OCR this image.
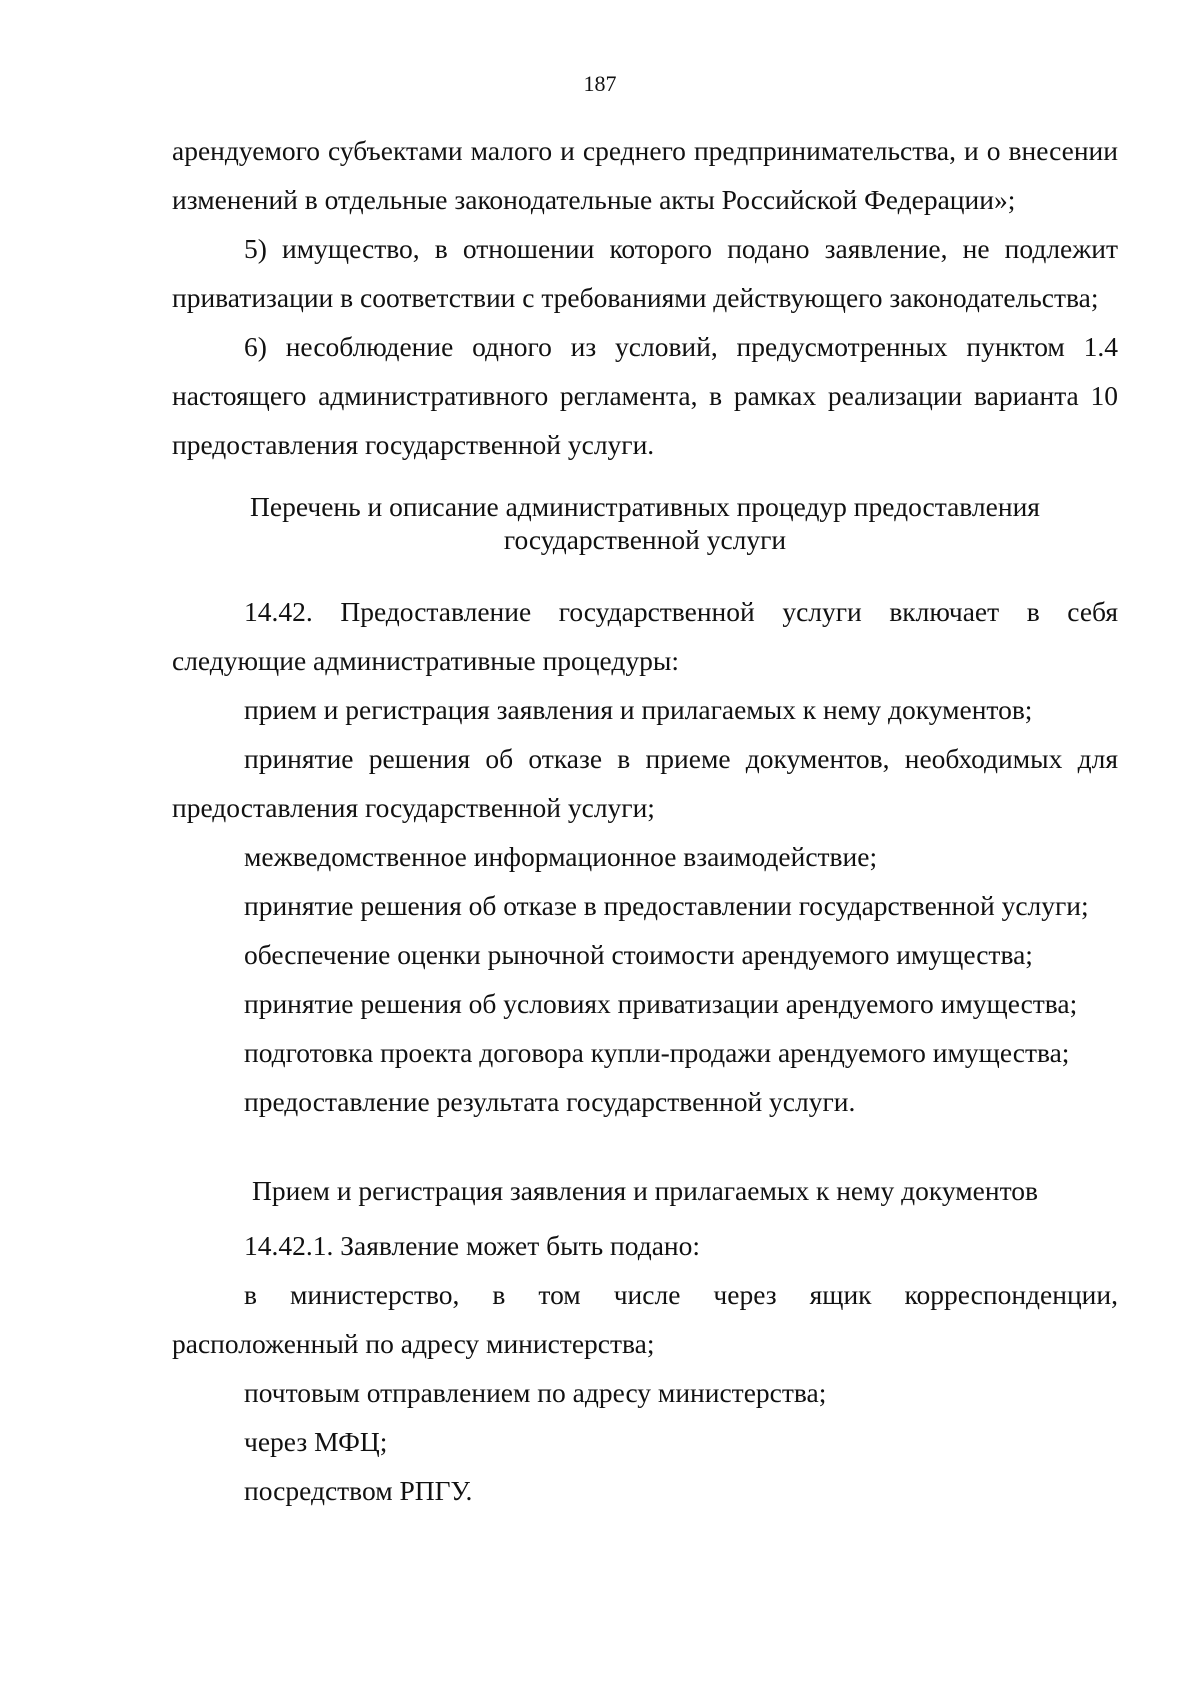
187

арендуемого субъектами малого и среднего предпринимательства, и о внесении изменений в отдельные законодательные акты Российской Федерации»;

5) имущество, в отношении которого подано заявление, не подлежит приватизации в соответствии с требованиями действующего законодательства;

6) несоблюдение одного из условий, предусмотренных пунктом 1.4 настоящего административного регламента, в рамках реализации варианта 10 предоставления государственной услуги.

Перечень и описание административных процедур предоставления
государственной услуги

14.42. Предоставление государственной услуги включает в себя следующие административные процедуры:

прием и регистрация заявления и прилагаемых к нему документов;

принятие решения об отказе в приеме документов, необходимых для предоставления государственной услуги;

межведомственное информационное взаимодействие;

принятие решения об отказе в предоставлении государственной услуги;

обеспечение оценки рыночной стоимости арендуемого имущества;

принятие решения об условиях приватизации арендуемого имущества;

подготовка проекта договора купли-продажи арендуемого имущества;

предоставление результата государственной услуги.

Прием и регистрация заявления и прилагаемых к нему документов

14.42.1. Заявление может быть подано:

в министерство, в том числе через ящик корреспонденции, расположенный по адресу министерства;

почтовым отправлением по адресу министерства;

через МФЦ;

посредством РПГУ.
